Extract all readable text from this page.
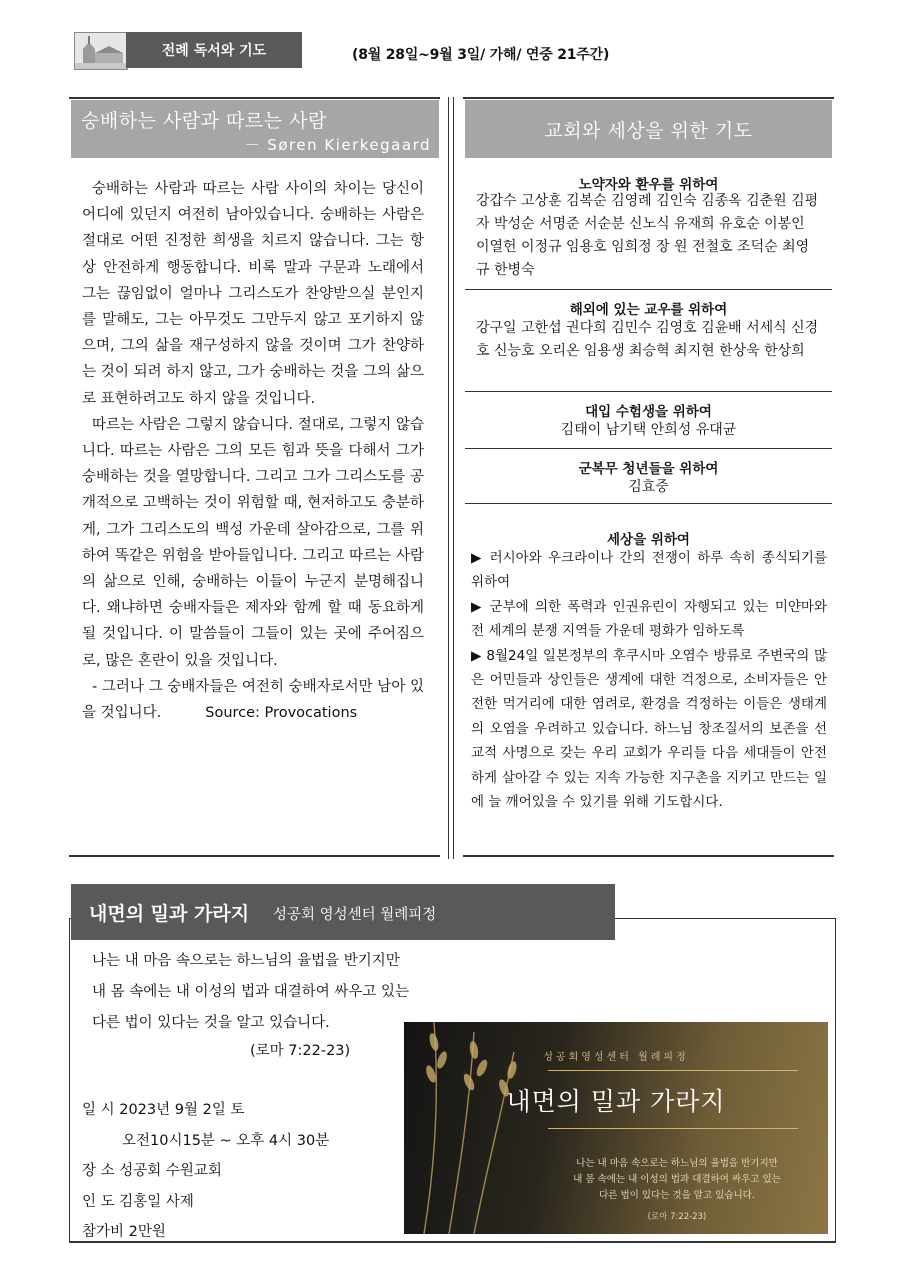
전례 독서와 기도	(8월 28일~9월 3일/ 가해/ 연중 21주간)
숭배하는 사람과 따르는 사람
－ Søren Kierkegaard

숭배하는 사람과 따르는 사람 사이의 차이는 당신이 어디에 있던지 여전히 남아있습니다. 숭배하는 사람은 절대로 어떤 진정한 희생을 치르지 않습니다. 그는 항상 안전하게 행동합니다. 비록 말과 구문과 노래에서 그는 끊임없이 얼마나 그리스도가 찬양받으실 분인지를 말해도, 그는 아무것도 그만두지 않고 포기하지 않으며, 그의 삶을 재구성하지 않을 것이며 그가 찬양하는 것이 되려 하지 않고, 그가 숭배하는 것을 그의 삶으로 표현하려고도 하지 않을 것입니다.

따르는 사람은 그렇지 않습니다. 절대로, 그렇지 않습니다. 따르는 사람은 그의 모든 힘과 뜻을 다해서 그가 숭배하는 것을 열망합니다. 그리고 그가 그리스도를 공개적으로 고백하는 것이 위험할 때, 현저하고도 충분하게, 그가 그리스도의 백성 가운데 살아감으로, 그를 위하여 똑같은 위험을 받아들입니다. 그리고 따르는 사람의 삶으로 인해, 숭배하는 이들이 누군지 분명해집니다. 왜냐하면 숭배자들은 제자와 함께 할 때 동요하게 될 것입니다. 이 말씀들이 그들이 있는 곳에 주어짐으로, 많은 혼란이 있을 것입니다.

- 그러나 그 숭배자들은 여전히 숭배자로서만 남아 있을 것입니다.	Source: Provocations

교회와 세상을 위한 기도
노약자와 환우를 위하여
강갑수 고상훈 김복순 김영례 김인숙 김종옥 김춘원 김평자 박성순 서명준 서순분 신노식 유재희 유호순 이봉인 이열헌 이정규 임용호 임희정 장 원 전철호 조덕순 최영규 한병숙
해외에 있는 교우를 위하여
강구일 고한섭 권다희 김민수 김영호 김윤배 서세식 신경호 신능호 오리온 임용생 최승혁 최지현 한상욱 한상희
대입 수험생을 위하여
김태이 남기택 안희성 유대균
군복무 청년들을 위하여
김효중
세상을 위하여
▶ 러시아와 우크라이나 간의 전쟁이 하루 속히 종식되기를 위하여
▶ 군부에 의한 폭력과 인권유린이 자행되고 있는 미얀마와 전 세계의 분쟁 지역들 가운데 평화가 임하도록
▶ 8월24일 일본정부의 후쿠시마 오염수 방류로 주변국의 많은 어민들과 상인들은 생계에 대한 걱정으로, 소비자들은 안전한 먹거리에 대한 염려로, 환경을 걱정하는 이들은 생태계의 오염을 우려하고 있습니다. 하느님 창조질서의 보존을 선교적 사명으로 갖는 우리 교회가 우리들 다음 세대들이 안전하게 살아갈 수 있는 지속 가능한 지구촌을 지키고 만드는 일에 늘 깨어있을 수 있기를 위해 기도합시다.
내면의 밀과 가라지 성공회 영성센터 월례피정
나는 내 마음 속으로는 하느님의 율법을 반기지만
내 몸 속에는 내 이성의 법과 대결하여 싸우고 있는
다른 법이 있다는 것을 알고 있습니다.
(로마 7:22-23)
일 시 2023년 9월 2일 토
오전10시15분 ~ 오후 4시 30분
장 소 성공회 수원교회
인 도 김홍일 사제
참가비 2만원
성공회영성센터 월례피정
내면의 밀과 가라지
나는 내 마음 속으로는 하느님의 율법을 반기지만
내 몸 속에는 내 이성의 법과 대결하여 싸우고 있는
다른 법이 있다는 것을 알고 있습니다.
(로마 7:22-23)
